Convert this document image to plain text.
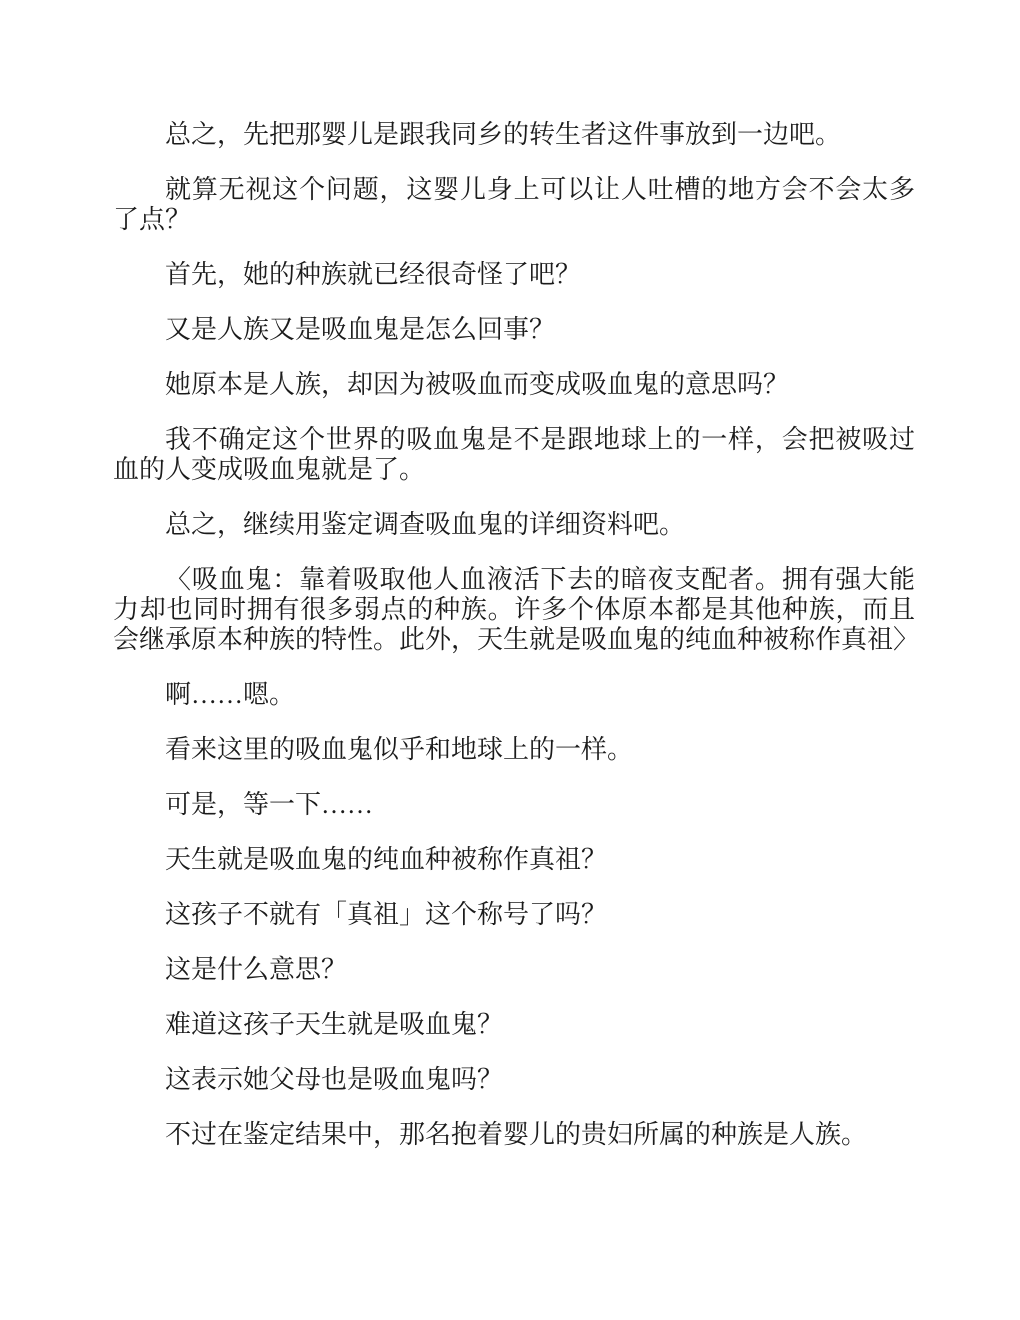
总之，先把那婴儿是跟我同乡的转生者这件事放到一边吧。

就算无视这个问题，这婴儿身上可以让人吐槽的地方会不会太多了点？

首先，她的种族就已经很奇怪了吧？

又是人族又是吸血鬼是怎么回事？

她原本是人族，却因为被吸血而变成吸血鬼的意思吗？

我不确定这个世界的吸血鬼是不是跟地球上的一样，会把被吸过血的人变成吸血鬼就是了。

总之，继续用鉴定调查吸血鬼的详细资料吧。

〈吸血鬼：靠着吸取他人血液活下去的暗夜支配者。拥有强大能力却也同时拥有很多弱点的种族。许多个体原本都是其他种族，而且会继承原本种族的特性。此外，天生就是吸血鬼的纯血种被称作真祖〉

啊……嗯。

看来这里的吸血鬼似乎和地球上的一样。

可是，等一下……

天生就是吸血鬼的纯血种被称作真祖？

这孩子不就有「真祖」这个称号了吗？

这是什么意思？

难道这孩子天生就是吸血鬼？

这表示她父母也是吸血鬼吗？

不过在鉴定结果中，那名抱着婴儿的贵妇所属的种族是人族。
